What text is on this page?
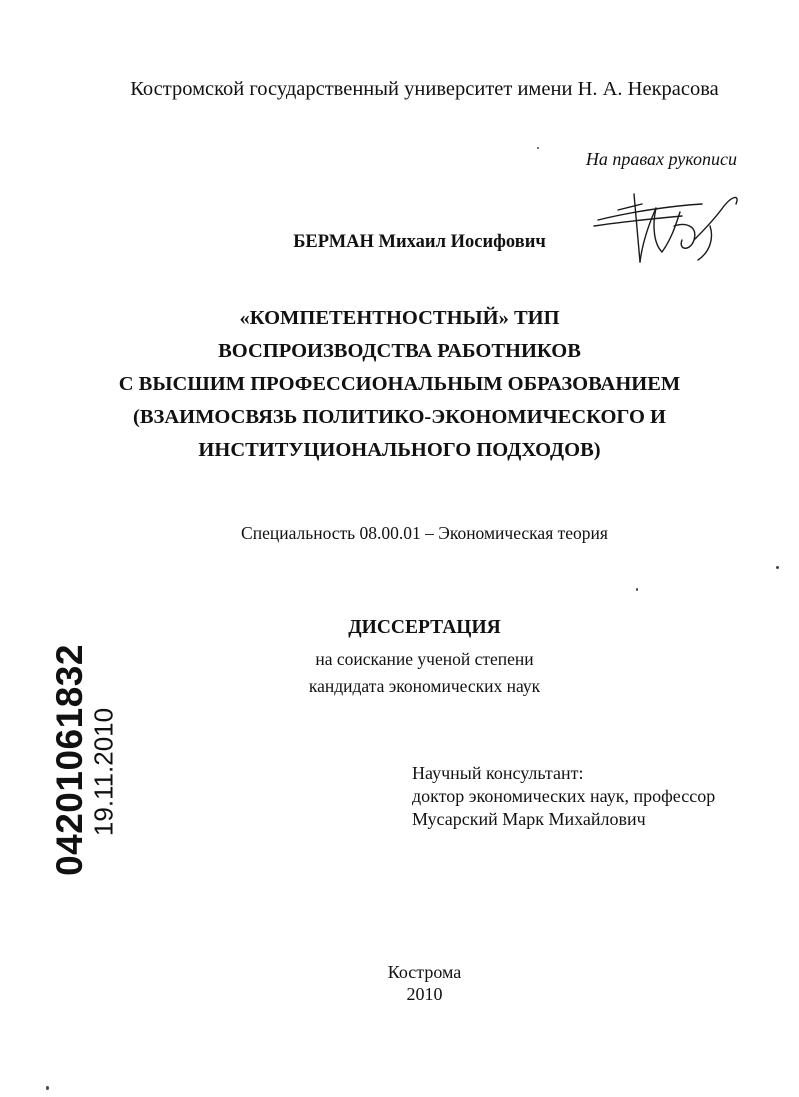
Костромской государственный университет имени Н. А. Некрасова
На правах рукописи
БЕРМАН Михаил Иосифович
«КОМПЕТЕНТНОСТНЫЙ» ТИП
ВОСПРОИЗВОДСТВА РАБОТНИКОВ
С ВЫСШИМ ПРОФЕССИОНАЛЬНЫМ ОБРАЗОВАНИЕМ
(ВЗАИМОСВЯЗЬ ПОЛИТИКО-ЭКОНОМИЧЕСКОГО И
ИНСТИТУЦИОНАЛЬНОГО ПОДХОДОВ)
Специальность 08.00.01 – Экономическая теория
ДИССЕРТАЦИЯ
на соискание ученой степени
кандидата экономических наук
Научный консультант:
доктор экономических наук, профессор
Мусарский Марк Михайлович
Кострома
2010
04201061832
19.11.2010
